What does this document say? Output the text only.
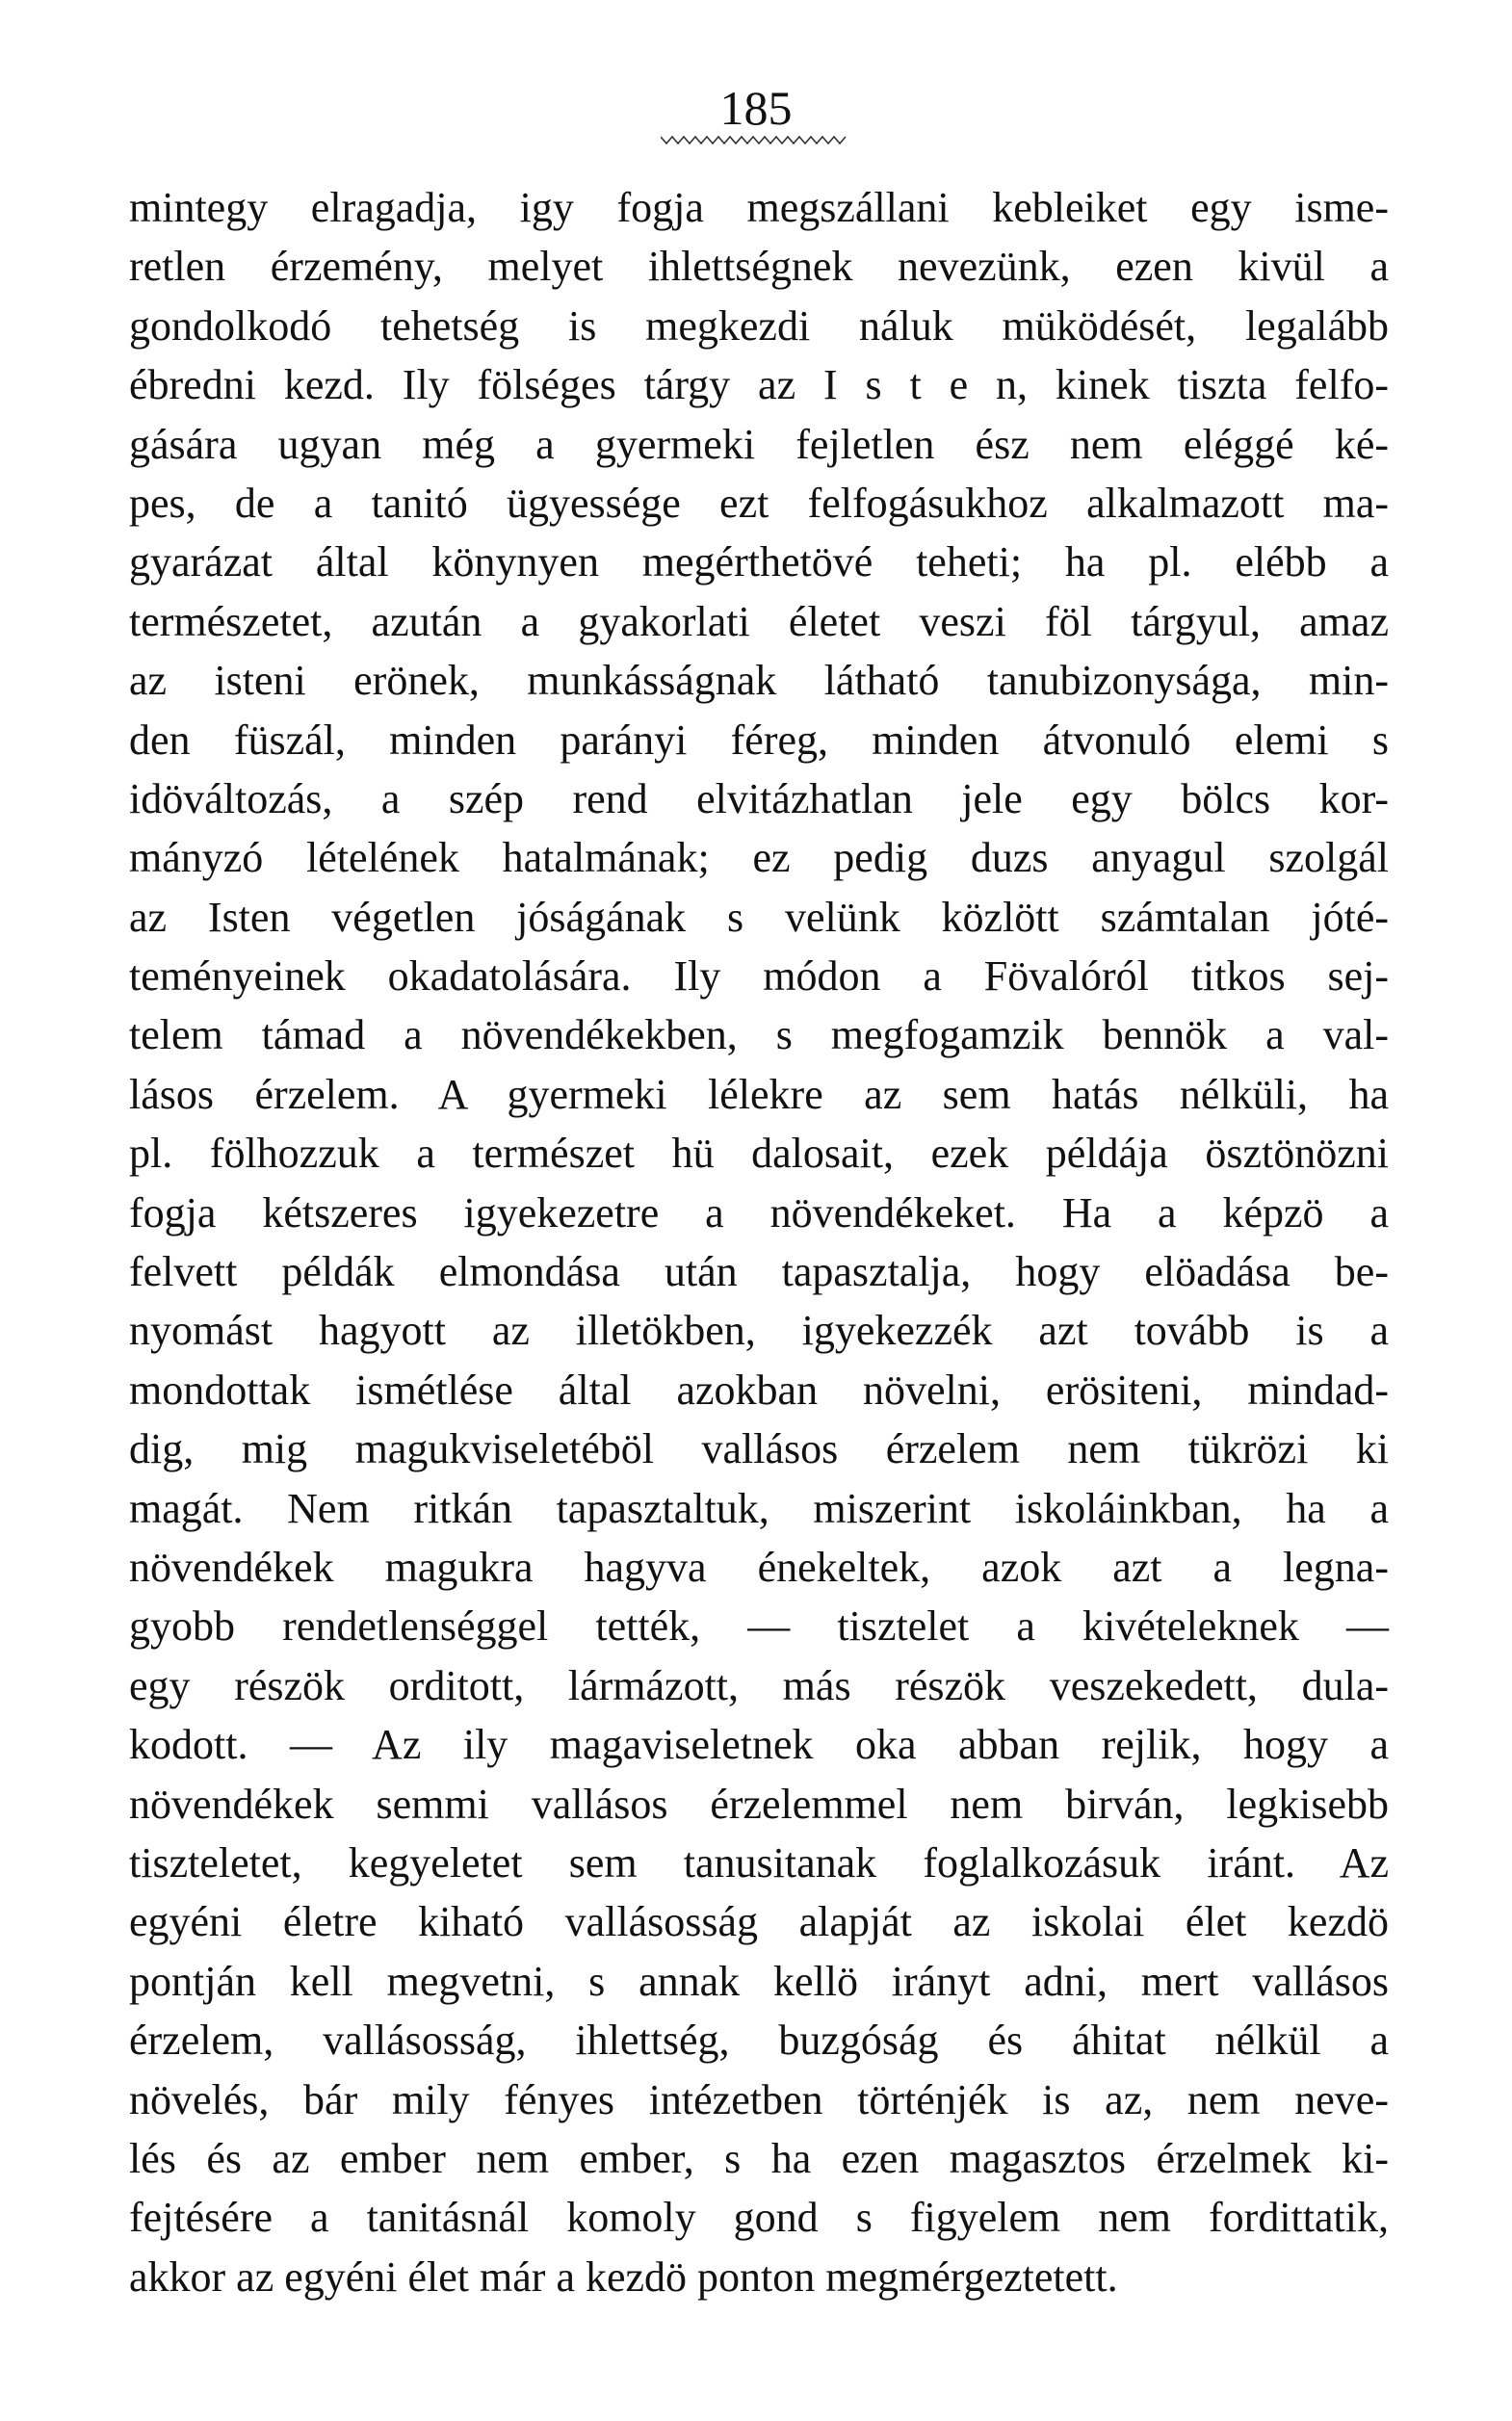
185
mintegy elragadja, igy fogja megszállani kebleiket egy isme-
retlen érzemény, melyet ihlettségnek nevezünk, ezen kivül a
gondolkodó tehetség is megkezdi náluk müködését, legalább
ébredni kezd. Ily fölséges tárgy az I s t e n, kinek tiszta felfo-
gására ugyan még a gyermeki fejletlen ész nem eléggé ké-
pes, de a tanitó ügyessége ezt felfogásukhoz alkalmazott ma-
gyarázat által könynyen megérthetövé teheti; ha pl. elébb a
természetet, azután a gyakorlati életet veszi föl tárgyul, amaz
az isteni erönek, munkásságnak látható tanubizonysága, min-
den füszál, minden parányi féreg, minden átvonuló elemi s
idöváltozás, a szép rend elvitázhatlan jele egy bölcs kor-
mányzó lételének hatalmának; ez pedig duzs anyagul szolgál
az Isten végetlen jóságának s velünk közlött számtalan jóté-
teményeinek okadatolására. Ily módon a Fövalóról titkos sej-
telem támad a növendékekben, s megfogamzik bennök a val-
lásos érzelem. A gyermeki lélekre az sem hatás nélküli, ha
pl. fölhozzuk a természet hü dalosait, ezek példája ösztönözni
fogja kétszeres igyekezetre a növendékeket. Ha a képzö a
felvett példák elmondása után tapasztalja, hogy elöadása be-
nyomást hagyott az illetökben, igyekezzék azt tovább is a
mondottak ismétlése által azokban növelni, erösiteni, mindad-
dig, mig magukviseletéböl vallásos érzelem nem tükrözi ki
magát. Nem ritkán tapasztaltuk, miszerint iskoláinkban, ha a
növendékek magukra hagyva énekeltek, azok azt a legna-
gyobb rendetlenséggel tették, — tisztelet a kivételeknek —
egy részök orditott, lármázott, más részök veszekedett, dula-
kodott. — Az ily magaviseletnek oka abban rejlik, hogy a
növendékek semmi vallásos érzelemmel nem birván, legkisebb
tiszteletet, kegyeletet sem tanusitanak foglalkozásuk iránt. Az
egyéni életre kiható vallásosság alapját az iskolai élet kezdö
pontján kell megvetni, s annak kellö irányt adni, mert vallásos
érzelem, vallásosság, ihlettség, buzgóság és áhitat nélkül a
növelés, bár mily fényes intézetben történjék is az, nem neve-
lés és az ember nem ember, s ha ezen magasztos érzelmek ki-
fejtésére a tanitásnál komoly gond s figyelem nem fordittatik,
akkor az egyéni élet már a kezdö ponton megmérgeztetett.
